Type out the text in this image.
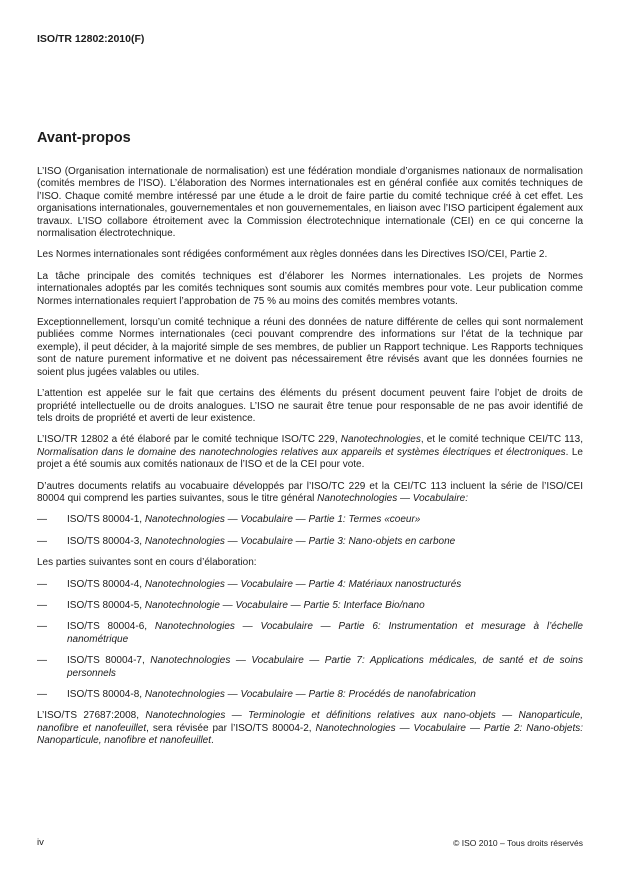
ISO/TR 12802:2010(F)
Avant-propos

L’ISO (Organisation internationale de normalisation) est une fédération mondiale d’organismes nationaux de normalisation (comités membres de l’ISO). L’élaboration des Normes internationales est en général confiée aux comités techniques de l’ISO. Chaque comité membre intéressé par une étude a le droit de faire partie du comité technique créé à cet effet. Les organisations internationales, gouvernementales et non gouvernementales, en liaison avec l’ISO participent également aux travaux. L’ISO collabore étroitement avec la Commission électrotechnique internationale (CEI) en ce qui concerne la normalisation électrotechnique.

Les Normes internationales sont rédigées conformément aux règles données dans les Directives ISO/CEI, Partie 2.

La tâche principale des comités techniques est d’élaborer les Normes internationales. Les projets de Normes internationales adoptés par les comités techniques sont soumis aux comités membres pour vote. Leur publication comme Normes internationales requiert l’approbation de 75 % au moins des comités membres votants.

Exceptionnellement, lorsqu’un comité technique a réuni des données de nature différente de celles qui sont normalement publiées comme Normes internationales (ceci pouvant comprendre des informations sur l’état de la technique par exemple), il peut décider, à la majorité simple de ses membres, de publier un Rapport technique. Les Rapports techniques sont de nature purement informative et ne doivent pas nécessairement être révisés avant que les données fournies ne soient plus jugées valables ou utiles.

L’attention est appelée sur le fait que certains des éléments du présent document peuvent faire l’objet de droits de propriété intellectuelle ou de droits analogues. L’ISO ne saurait être tenue pour responsable de ne pas avoir identifié de tels droits de propriété et averti de leur existence.

L’ISO/TR 12802 a été élaboré par le comité technique ISO/TC 229, Nanotechnologies, et le comité technique CEI/TC 113, Normalisation dans le domaine des nanotechnologies relatives aux appareils et systèmes électriques et électroniques. Le projet a été soumis aux comités nationaux de l’ISO et de la CEI pour vote.

D’autres documents relatifs au vocabuaire développés par l’ISO/TC 229 et la CEI/TC 113 incluent la série de l’ISO/CEI 80004 qui comprend les parties suivantes, sous le titre général Nanotechnologies — Vocabulaire:

—	ISO/TS 80004-1, Nanotechnologies — Vocabulaire — Partie 1: Termes «coeur»
—	ISO/TS 80004-3, Nanotechnologies — Vocabulaire — Partie 3: Nano-objets en carbone

Les parties suivantes sont en cours d’élaboration:

—	ISO/TS 80004-4, Nanotechnologies — Vocabulaire — Partie 4: Matériaux nanostructurés
—	ISO/TS 80004-5, Nanotechnologie — Vocabulaire — Partie 5: Interface Bio/nano
—	ISO/TS 80004-6, Nanotechnologies — Vocabulaire — Partie 6: Instrumentation et mesurage à l’échelle nanométrique
—	ISO/TS 80004-7, Nanotechnologies — Vocabulaire — Partie 7: Applications médicales, de santé et de soins personnels
—	ISO/TS 80004-8, Nanotechnologies — Vocabulaire — Partie 8: Procédés de nanofabrication

L’ISO/TS 27687:2008, Nanotechnologies — Terminologie et définitions relatives aux nano-objets — Nanoparticule, nanofibre et nanofeuillet, sera révisée par l’ISO/TS 80004-2, Nanotechnologies — Vocabulaire — Partie 2: Nano-objets: Nanoparticule, nanofibre et nanofeuillet.

iv	© ISO 2010 – Tous droits réservés
